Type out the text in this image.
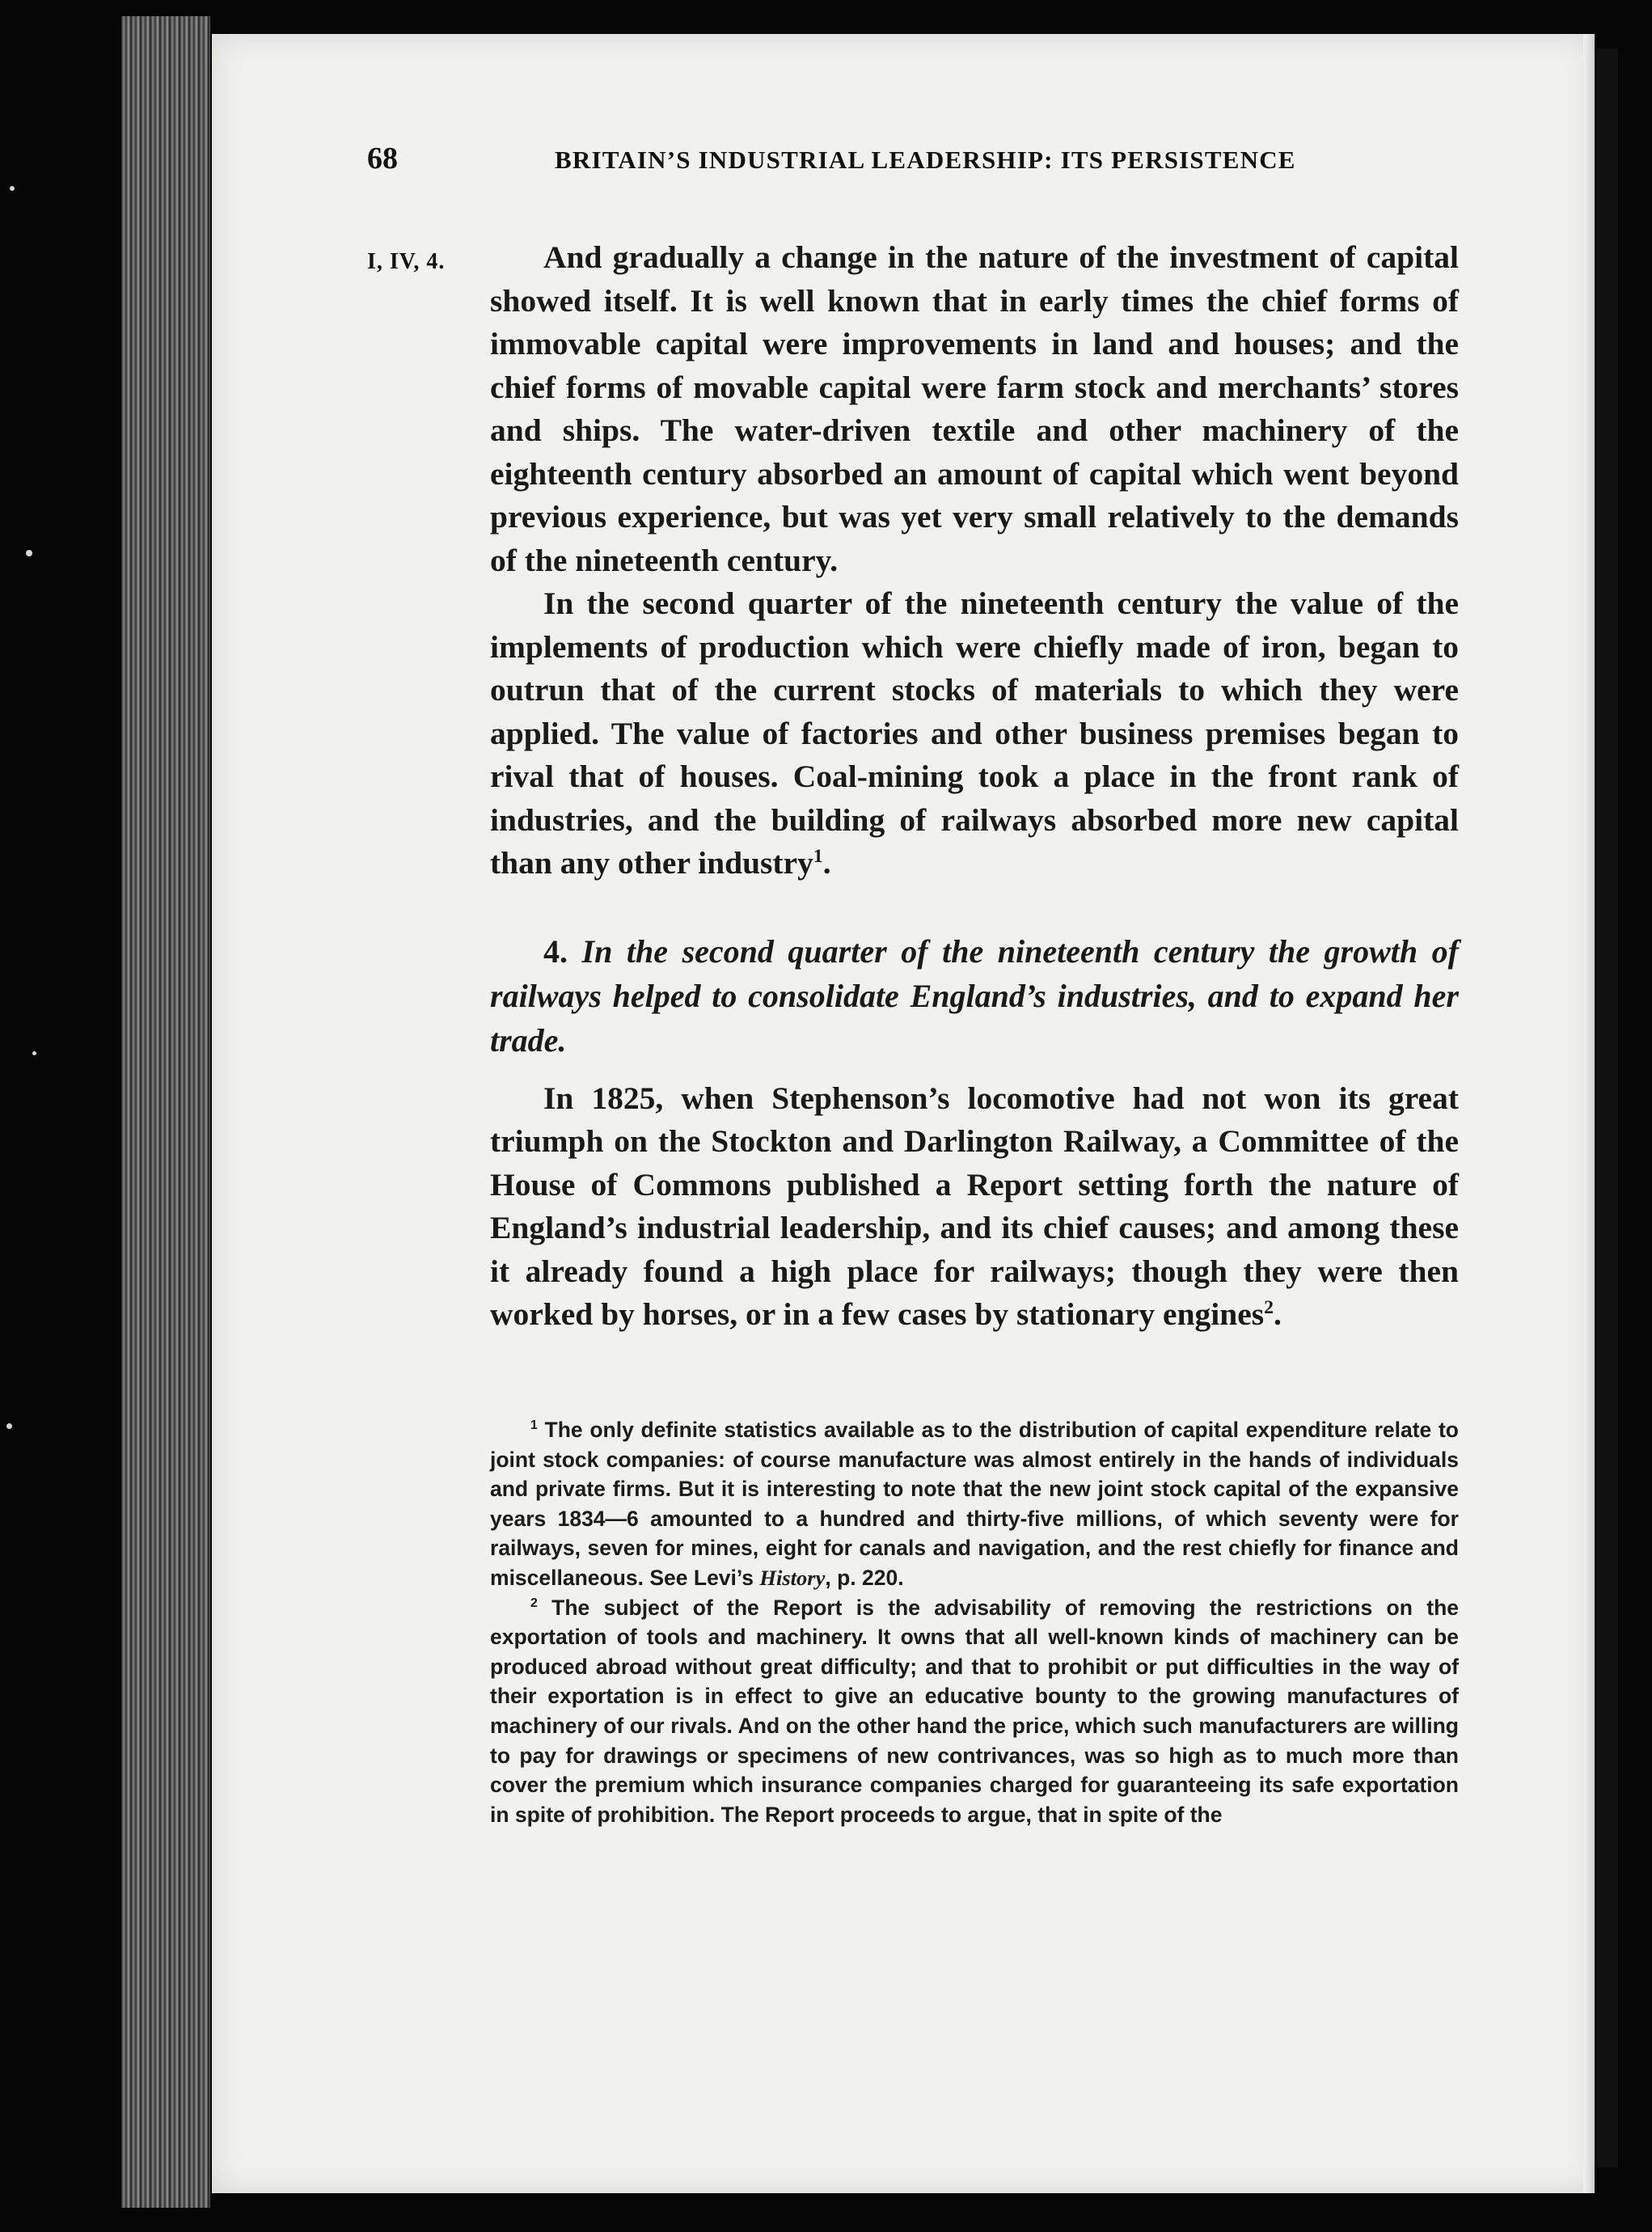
68	BRITAIN’S INDUSTRIAL LEADERSHIP: ITS PERSISTENCE
I, IV, 4.	And gradually a change in the nature of the investment of capital showed itself. It is well known that in early times the chief forms of immovable capital were improvements in land and houses; and the chief forms of movable capital were farm stock and merchants’ stores and ships. The water-driven textile and other machinery of the eighteenth century absorbed an amount of capital which went beyond previous experience, but was yet very small relatively to the demands of the nineteenth century.

In the second quarter of the nineteenth century the value of the implements of production which were chiefly made of iron, began to outrun that of the current stocks of materials to which they were applied. The value of factories and other business premises began to rival that of houses. Coal-mining took a place in the front rank of industries, and the building of railways absorbed more new capital than any other industry$^1$.

4. In the second quarter of the nineteenth century the growth of railways helped to consolidate England’s industries, and to expand her trade.

In 1825, when Stephenson’s locomotive had not won its great triumph on the Stockton and Darlington Railway, a Committee of the House of Commons published a Report setting forth the nature of England’s industrial leadership, and its chief causes; and among these it already found a high place for railways; though they were then worked by horses, or in a few cases by stationary engines$^2$.

$^1$ The only definite statistics available as to the distribution of capital expenditure relate to joint stock companies: of course manufacture was almost entirely in the hands of individuals and private firms. But it is interesting to note that the new joint stock capital of the expansive years 1834—6 amounted to a hundred and thirty-five millions, of which seventy were for railways, seven for mines, eight for canals and navigation, and the rest chiefly for finance and miscellaneous. See Levi’s History, p. 220.

$^2$ The subject of the Report is the advisability of removing the restrictions on the exportation of tools and machinery. It owns that all well-known kinds of machinery can be produced abroad without great difficulty; and that to prohibit or put difficulties in the way of their exportation is in effect to give an educative bounty to the growing manufactures of machinery of our rivals. And on the other hand the price, which such manufacturers are willing to pay for drawings or specimens of new contrivances, was so high as to much more than cover the premium which insurance companies charged for guaranteeing its safe exportation in spite of prohibition. The Report proceeds to argue, that in spite of the
